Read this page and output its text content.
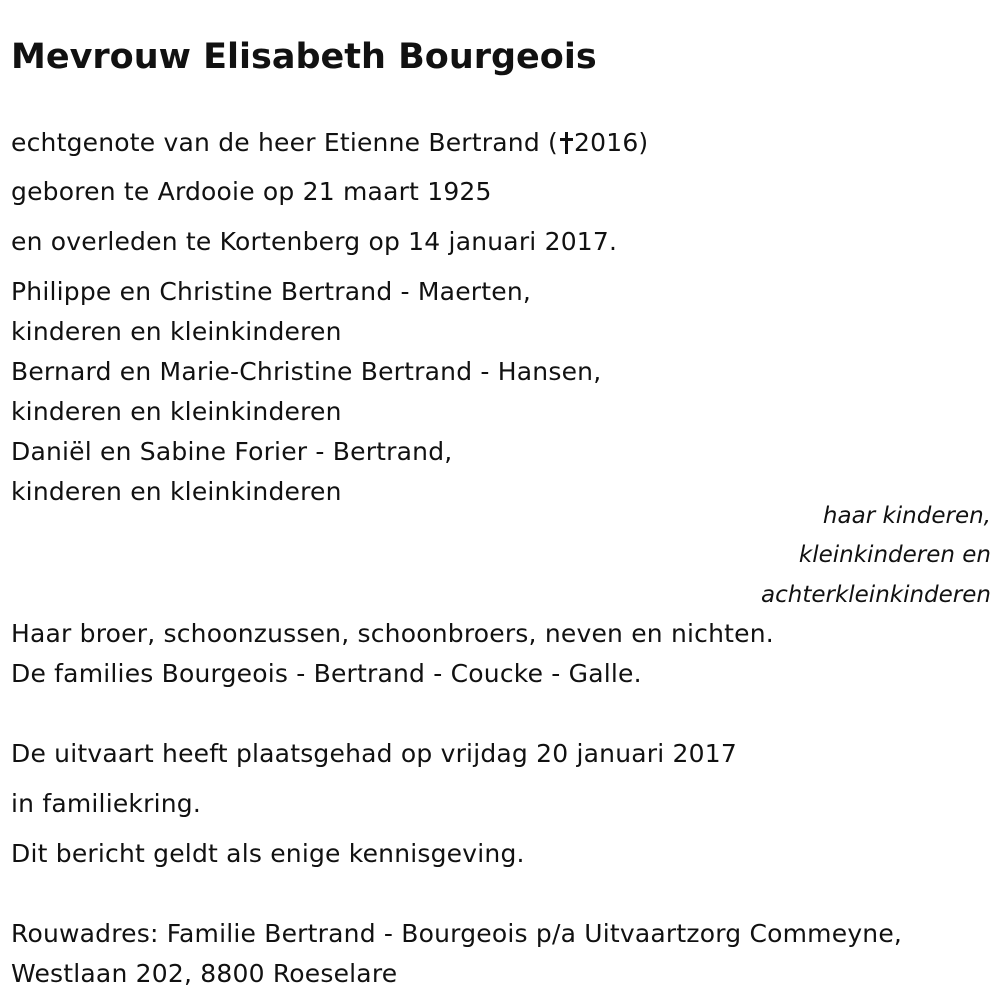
Mevrouw Elisabeth Bourgeois
echtgenote van de heer Etienne Bertrand ( 2016)
geboren te Ardooie op 21 maart 1925
en overleden te Kortenberg op 14 januari 2017.
Philippe en Christine Bertrand - Maerten,
kinderen en kleinkinderen
Bernard en Marie-Christine Bertrand - Hansen,
kinderen en kleinkinderen
Daniël en Sabine Forier - Bertrand,
kinderen en kleinkinderen
haar kinderen,
kleinkinderen en
achterkleinkinderen
Haar broer, schoonzussen, schoonbroers, neven en nichten.
De families Bourgeois - Bertrand - Coucke - Galle.
De uitvaart heeft plaatsgehad op vrijdag 20 januari 2017
in familiekring.
Dit bericht geldt als enige kennisgeving.
Rouwadres: Familie Bertrand - Bourgeois p/a Uitvaartzorg Commeyne,
Westlaan 202, 8800 Roeselare
